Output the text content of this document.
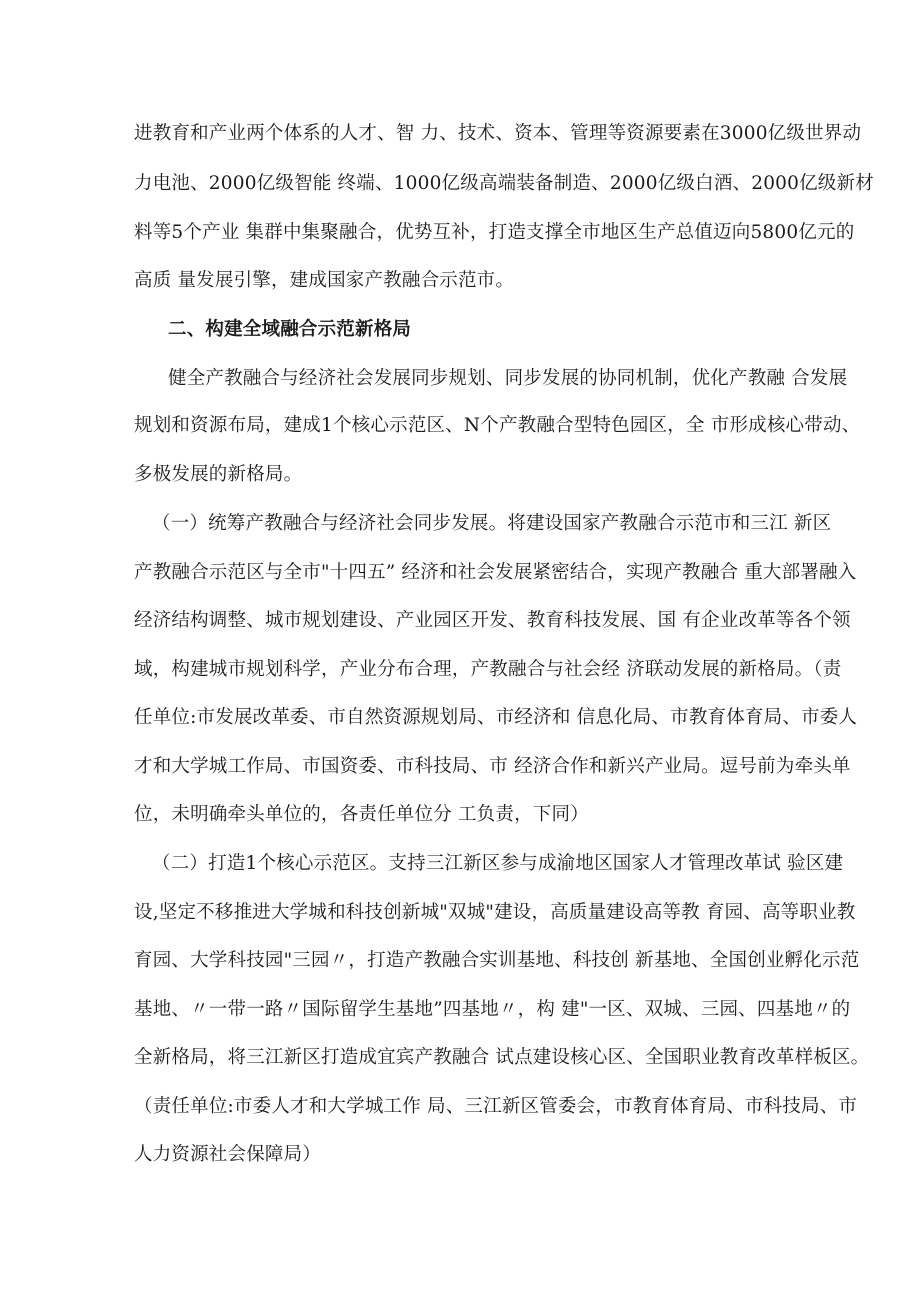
进教育和产业两个体系的人才、智 力、技术、资本、管理等资源要素在3000亿级世界动
力电池、2000亿级智能 终端、1000亿级高端装备制造、2000亿级白酒、2000亿级新材
料等5个产业 集群中集聚融合，优势互补，打造支撑全市地区生产总值迈向5800亿元的
高质 量发展引擎，建成国家产教融合示范市。
二、构建全域融合示范新格局
健全产教融合与经济社会发展同步规划、同步发展的协同机制，优化产教融 合发展
规划和资源布局，建成1个核心示范区、N个产教融合型特色园区，全 市形成核心带动、
多极发展的新格局。
（一）统筹产教融合与经济社会同步发展。将建设国家产教融合示范市和三江 新区
产教融合示范区与全市"十四五” 经济和社会发展紧密结合，实现产教融合 重大部署融入
经济结构调整、城市规划建设、产业园区开发、教育科技发展、国 有企业改革等各个领
域，构建城市规划科学，产业分布合理，产教融合与社会经 济联动发展的新格局。（责
任单位:市发展改革委、市自然资源规划局、市经济和 信息化局、市教育体育局、市委人
才和大学城工作局、市国资委、市科技局、市 经济合作和新兴产业局。逗号前为牵头单
位，未明确牵头单位的，各责任单位分 工负责，下同）
（二）打造1个核心示范区。支持三江新区参与成渝地区国家人才管理改革试 验区建
设,坚定不移推进大学城和科技创新城"双城"建设，高质量建设高等教 育园、高等职业教
育园、大学科技园"三园〃，打造产教融合实训基地、科技创 新基地、全国创业孵化示范
基地、〃一带一路〃国际留学生基地”四基地〃，构 建"一区、双城、三园、四基地〃的
全新格局，将三江新区打造成宜宾产教融合 试点建设核心区、全国职业教育改革样板区。
（责任单位:市委人才和大学城工作 局、三江新区管委会，市教育体育局、市科技局、市
人力资源社会保障局）
